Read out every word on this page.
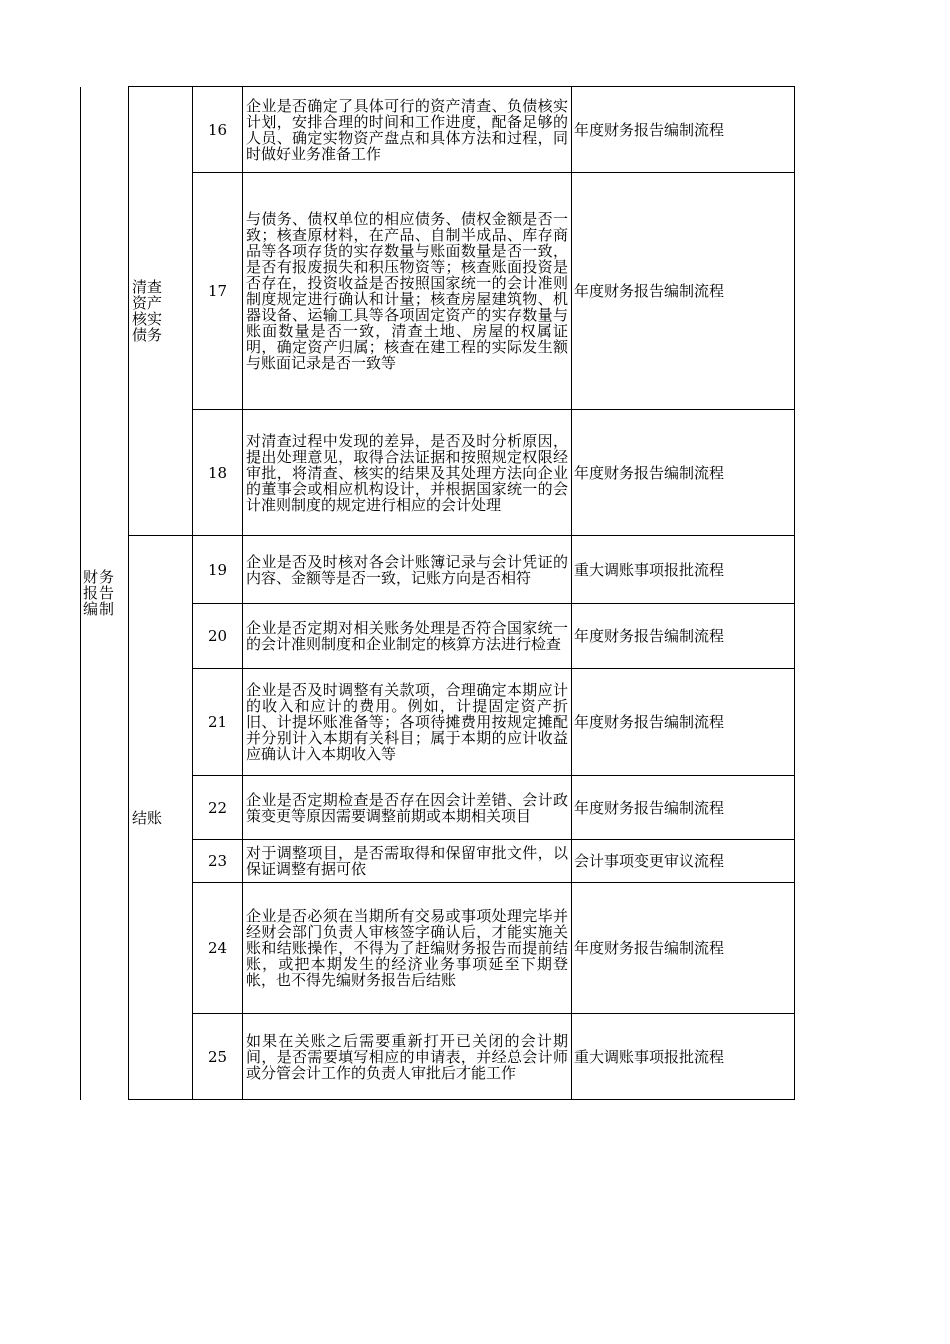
财务报告编制	清查资产核实债务	16	企业是否确定了具体可行的资产清查、负债核实计划，安排合理的时间和工作进度，配备足够的人员、确定实物资产盘点和具体方法和过程，同时做好业务准备工作	年度财务报告编制流程
		17	与债务、债权单位的相应债务、债权金额是否一致；核查原材料，在产品、自制半成品、库存商品等各项存货的实存数量与账面数量是否一致，是否有报废损失和积压物资等；核查账面投资是否存在，投资收益是否按照国家统一的会计准则制度规定进行确认和计量；核查房屋建筑物、机器设备、运输工具等各项固定资产的实存数量与账面数量是否一致，清查土地、房屋的权属证明，确定资产归属；核查在建工程的实际发生额与账面记录是否一致等	年度财务报告编制流程
		18	对清查过程中发现的差异，是否及时分析原因，提出处理意见，取得合法证据和按照规定权限经审批，将清查、核实的结果及其处理方法向企业的董事会或相应机构设计，并根据国家统一的会计准则制度的规定进行相应的会计处理	年度财务报告编制流程

	结账	19	企业是否及时核对各会计账簿记录与会计凭证的内容、金额等是否一致，记账方向是否相符	重大调账事项报批流程
		20	企业是否定期对相关账务处理是否符合国家统一的会计准则制度和企业制定的核算方法进行检查	年度财务报告编制流程
		21	企业是否及时调整有关款项，合理确定本期应计的收入和应计的费用。例如，计提固定资产折旧、计提坏账准备等；各项待摊费用按规定摊配并分别计入本期有关科目；属于本期的应计收益应确认计入本期收入等	年度财务报告编制流程
		22	企业是否定期检查是否存在因会计差错、会计政策变更等原因需要调整前期或本期相关项目	年度财务报告编制流程
		23	对于调整项目，是否需取得和保留审批文件，以保证调整有据可依	会计事项变更审议流程
		24	企业是否必须在当期所有交易或事项处理完毕并经财会部门负责人审核签字确认后，才能实施关账和结账操作，不得为了赶编财务报告而提前结账，或把本期发生的经济业务事项延至下期登帐，也不得先编财务报告后结账	年度财务报告编制流程
		25	如果在关账之后需要重新打开已关闭的会计期间，是否需要填写相应的申请表，并经总会计师或分管会计工作的负责人审批后才能工作	重大调账事项报批流程
